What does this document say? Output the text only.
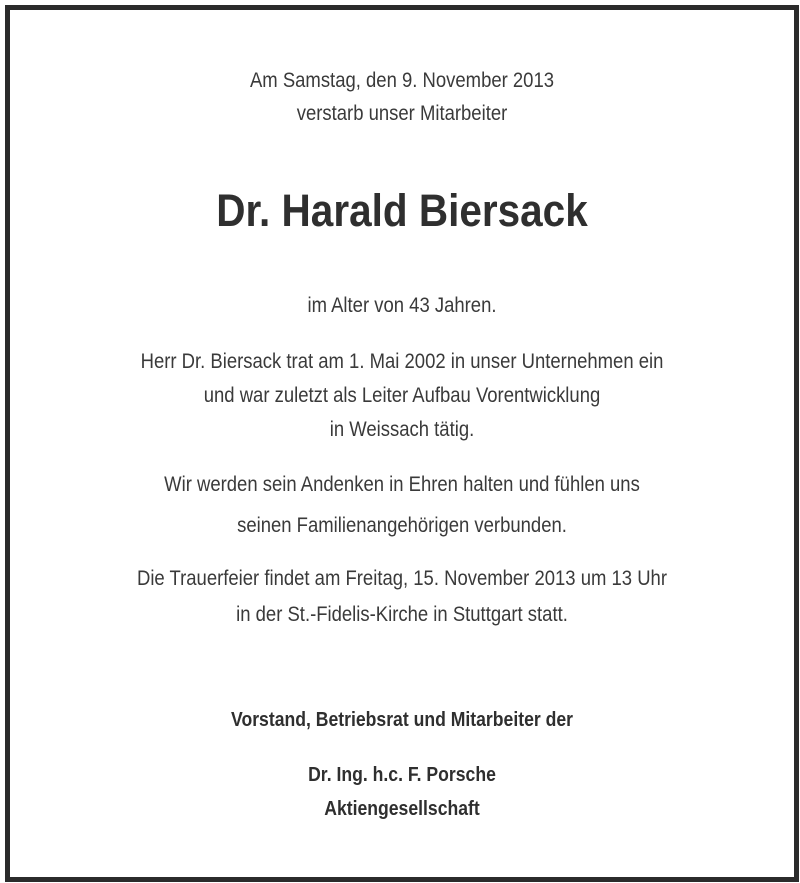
Am Samstag, den 9. November 2013
verstarb unser Mitarbeiter
Dr. Harald Biersack
im Alter von 43 Jahren.
Herr Dr. Biersack trat am 1. Mai 2002 in unser Unternehmen ein
und war zuletzt als Leiter Aufbau Vorentwicklung
in Weissach tätig.
Wir werden sein Andenken in Ehren halten und fühlen uns
seinen Familienangehörigen verbunden.
Die Trauerfeier findet am Freitag, 15. November 2013 um 13 Uhr
in der St.-Fidelis-Kirche in Stuttgart statt.
Vorstand, Betriebsrat und Mitarbeiter der
Dr. Ing. h.c. F. Porsche
Aktiengesellschaft
